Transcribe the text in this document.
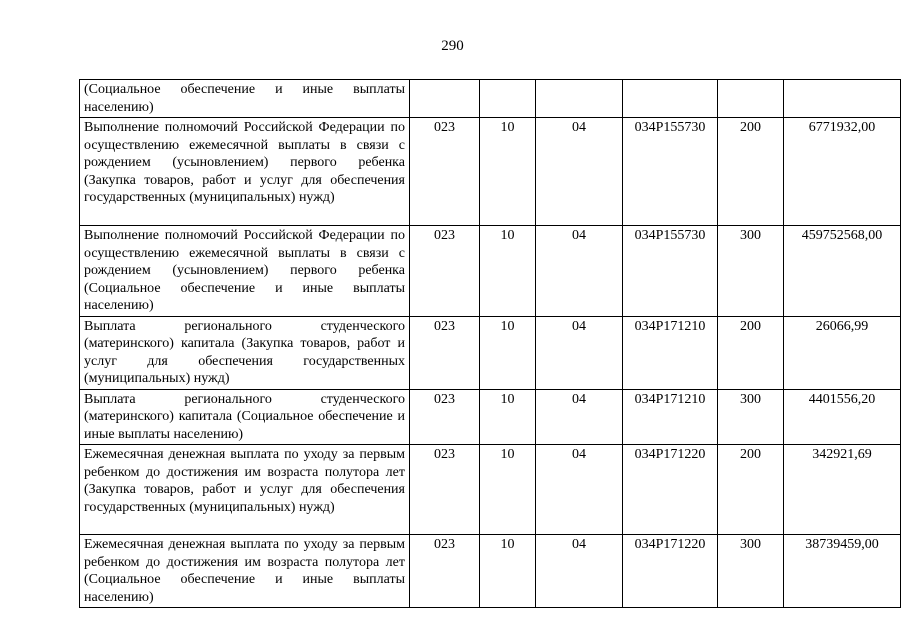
290
(Социальное обеспечение и иные выплаты населению)						
Выполнение полномочий Российской Федерации по осуществлению ежемесячной выплаты в связи с рождением (усыновлением) первого ребенка (Закупка товаров, работ и услуг для обеспечения государственных (муниципальных) нужд)	023	10	04	034P155730	200	6771932,00
Выполнение полномочий Российской Федерации по осуществлению ежемесячной выплаты в связи с рождением (усыновлением) первого ребенка (Социальное обеспечение и иные выплаты населению)	023	10	04	034P155730	300	459752568,00
Выплата регионального студенческого (материнского) капитала (Закупка товаров, работ и услуг для обеспечения государственных (муниципальных) нужд)	023	10	04	034P171210	200	26066,99
Выплата регионального студенческого (материнского) капитала (Социальное обеспечение и иные выплаты населению)	023	10	04	034P171210	300	4401556,20
Ежемесячная денежная выплата по уходу за первым ребенком до достижения им возраста полутора лет (Закупка товаров, работ и услуг для обеспечения государственных (муниципальных) нужд)	023	10	04	034P171220	200	342921,69
Ежемесячная денежная выплата по уходу за первым ребенком до достижения им возраста полутора лет (Социальное обеспечение и иные выплаты населению)	023	10	04	034P171220	300	38739459,00
